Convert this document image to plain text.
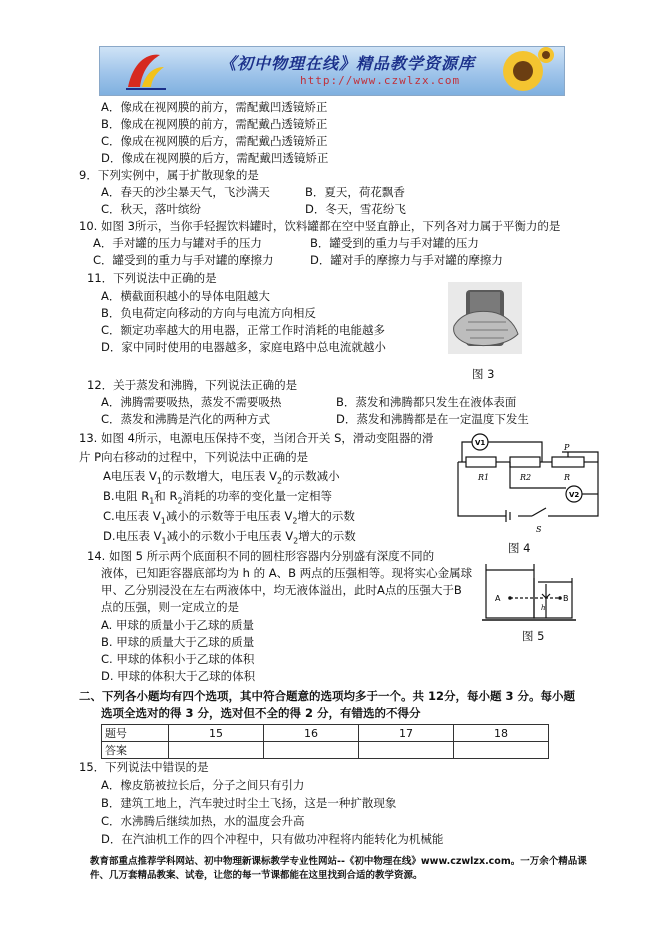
《初中物理在线》精品教学资源库
http://www.czwlzx.com
A．像成在视网膜的前方，需配戴凹透镜矫正
B．像成在视网膜的前方，需配戴凸透镜矫正
C．像成在视网膜的后方，需配戴凸透镜矫正
D．像成在视网膜的后方，需配戴凹透镜矫正
9．下列实例中，属于扩散现象的是
A．春天的沙尘暴天气，飞沙满天	B．夏天，荷花飘香
C．秋天，落叶缤纷	D．冬天，雪花纷飞
10. 如图 3所示，当你手轻握饮料罐时，饮料罐都在空中竖直静止，下列各对力属于平衡力的是
A．手对罐的压力与罐对手的压力	B．罐受到的重力与手对罐的压力
C．罐受到的重力与手对罐的摩擦力	D．罐对手的摩擦力与手对罐的摩擦力
11．下列说法中正确的是
A．横截面积越小的导体电阻越大
B．负电荷定向移动的方向与电流方向相反
C．额定功率越大的用电器，正常工作时消耗的电能越多
D．家中同时使用的电器越多，家庭电路中总电流就越小
图 3
12．关于蒸发和沸腾，下列说法正确的是
A．沸腾需要吸热，蒸发不需要吸热	B．蒸发和沸腾都只发生在液体表面
C．蒸发和沸腾是汽化的两种方式	D．蒸发和沸腾都是在一定温度下发生
13. 如图 4所示，电源电压保持不变，当闭合开关 S，滑动变阻器的滑
片 P向右移动的过程中，下列说法中正确的是
A电压表 $V_1$的示数增大，电压表 $V_2$的示数减小
B.电阻 $R_1$和 $R_2$消耗的功率的变化量一定相等
C.电压表 $V_1$减小的示数等于电压表 $V_2$增大的示数
D.电压表 $V_1$减小的示数小于电压表 $V_2$增大的示数
V1
V2
R1	R2	R
P
S
图 4
14. 如图 5 所示两个底面积不同的圆柱形容器内分别盛有深度不同的
液体，已知距容器底部均为 h 的 A、B 两点的压强相等。现将实心金属球
甲、乙分别浸没在左右两液体中，均无液体溢出，此时A点的压强大于B
点的压强，则一定成立的是
A. 甲球的质量小于乙球的质量
B. 甲球的质量大于乙球的质量
C. 甲球的体积小于乙球的体积
D. 甲球的体积大于乙球的体积
A	B
h
图 5
二、下列各小题均有四个选项，其中符合题意的选项均多于一个。共 12分，每小题 3 分。每小题
选项全选对的得 3 分，选对但不全的得 2 分，有错选的不得分
题号	15	16	17	18
答案				
15．下列说法中错误的是
A．橡皮筋被拉长后，分子之间只有引力
B．建筑工地上，汽车驶过时尘土飞扬，这是一种扩散现象
C．水沸腾后继续加热，水的温度会升高
D．在汽油机工作的四个冲程中，只有做功冲程将内能转化为机械能
教育部重点推荐学科网站、初中物理新课标教学专业性网站--《初中物理在线》www.czwlzx.com。一万余个精品课
件、几万套精品教案、试卷，让您的每一节课都能在这里找到合适的教学资源。
